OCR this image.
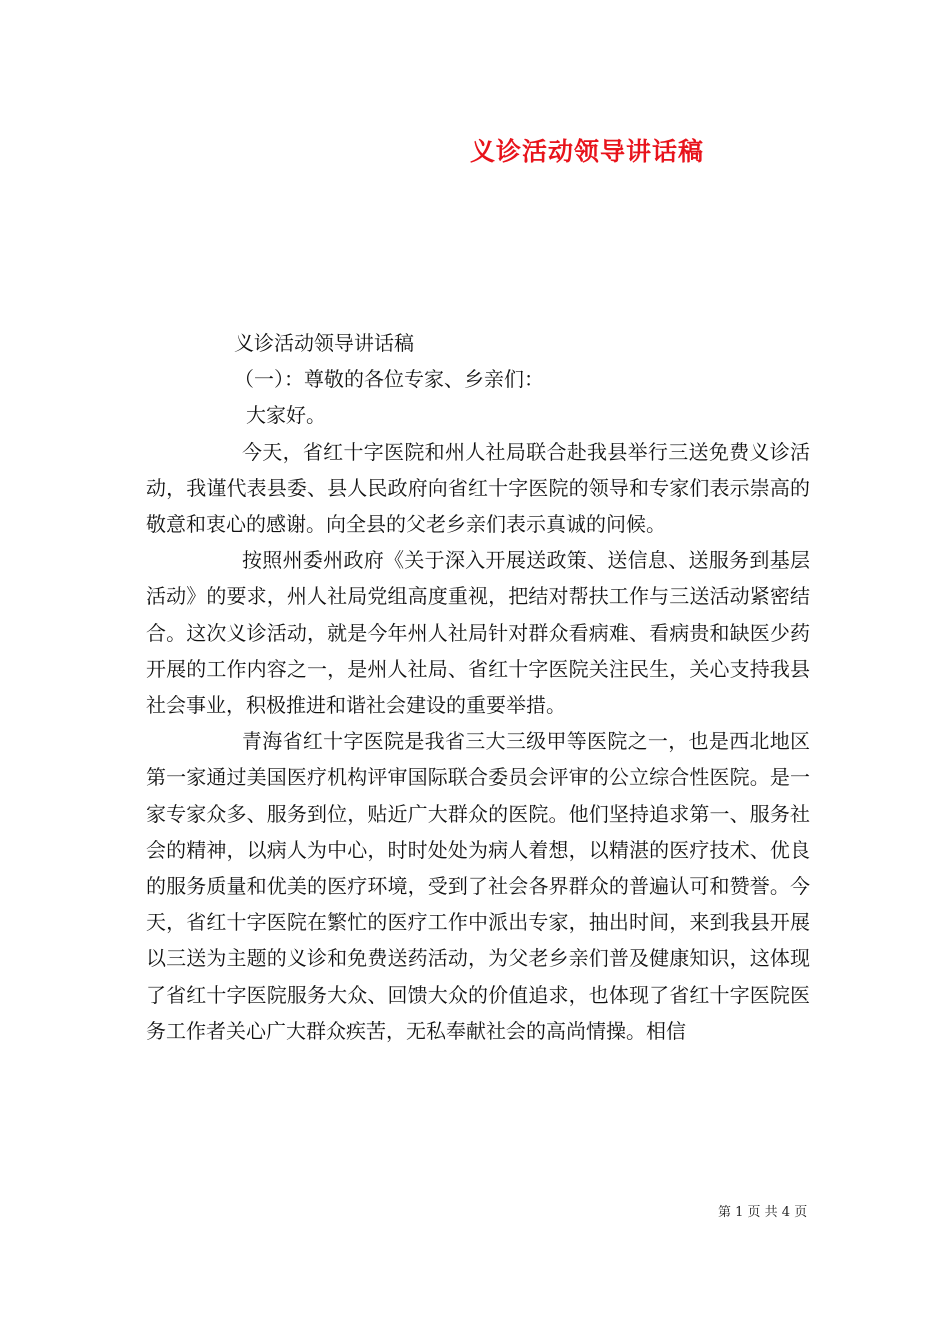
义诊活动领导讲话稿

义诊活动领导讲话稿

（一）：尊敬的各位专家、乡亲们：

大家好。

今天，省红十字医院和州人社局联合赴我县举行三送免费义诊活动，我谨代表县委、县人民政府向省红十字医院的领导和专家们表示崇高的敬意和衷心的感谢。向全县的父老乡亲们表示真诚的问候。

按照州委州政府《关于深入开展送政策、送信息、送服务到基层活动》的要求，州人社局党组高度重视，把结对帮扶工作与三送活动紧密结合。这次义诊活动，就是今年州人社局针对群众看病难、看病贵和缺医少药开展的工作内容之一，是州人社局、省红十字医院关注民生，关心支持我县社会事业，积极推进和谐社会建设的重要举措。

青海省红十字医院是我省三大三级甲等医院之一，也是西北地区第一家通过美国医疗机构评审国际联合委员会评审的公立综合性医院。是一家专家众多、服务到位，贴近广大群众的医院。他们坚持追求第一、服务社会的精神，以病人为中心，时时处处为病人着想，以精湛的医疗技术、优良的服务质量和优美的医疗环境，受到了社会各界群众的普遍认可和赞誉。今天，省红十字医院在繁忙的医疗工作中派出专家，抽出时间，来到我县开展以三送为主题的义诊和免费送药活动，为父老乡亲们普及健康知识，这体现了省红十字医院服务大众、回馈大众的价值追求，也体现了省红十字医院医务工作者关心广大群众疾苦，无私奉献社会的高尚情操。相信

第 1 页 共 4 页
